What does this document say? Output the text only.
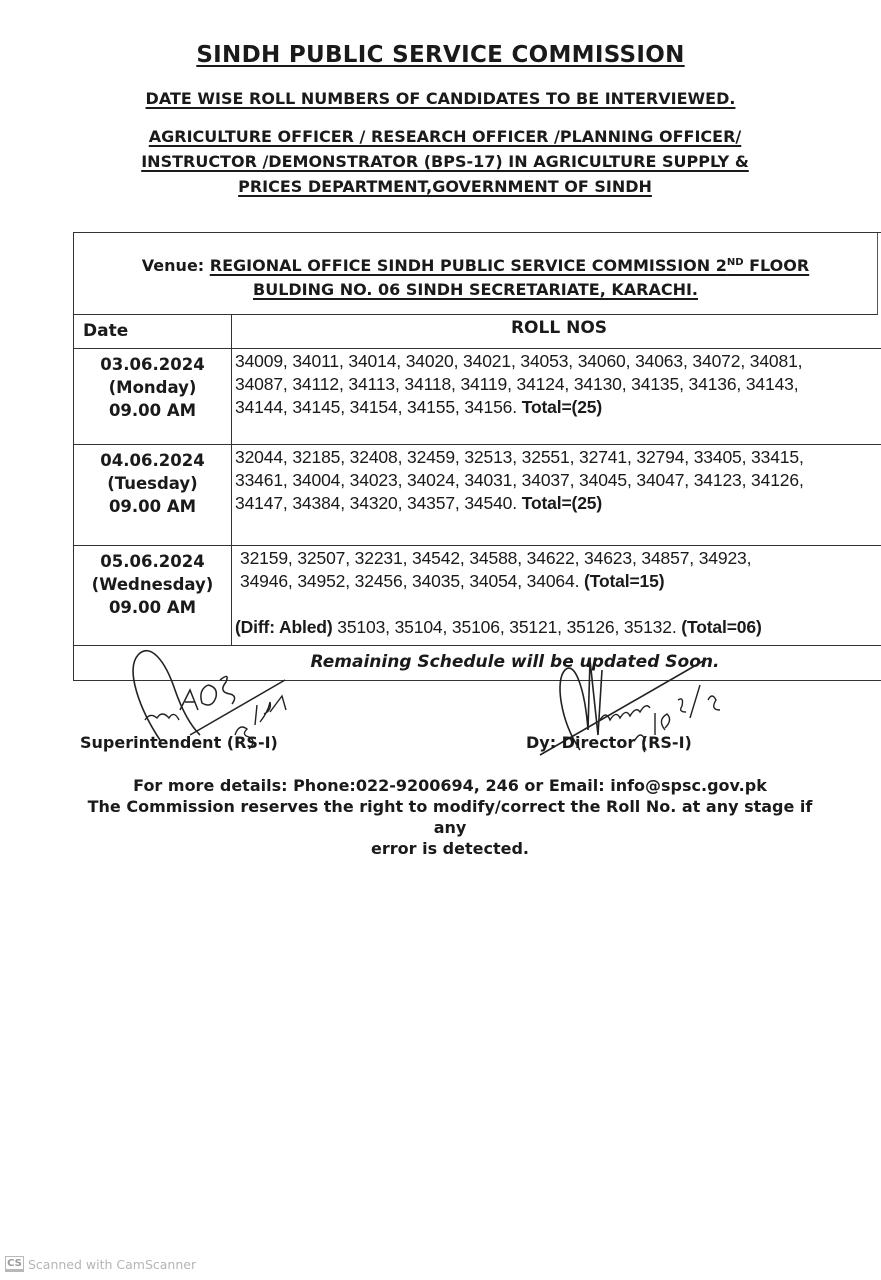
SINDH PUBLIC SERVICE COMMISSION
DATE WISE ROLL NUMBERS OF CANDIDATES TO BE INTERVIEWED.
AGRICULTURE OFFICER / RESEARCH OFFICER /PLANNING OFFICER/
INSTRUCTOR /DEMONSTRATOR (BPS-17) IN AGRICULTURE SUPPLY &
PRICES DEPARTMENT,GOVERNMENT OF SINDH
Venue: REGIONAL OFFICE SINDH PUBLIC SERVICE COMMISSION 2ND FLOOR
BULDING NO. 06 SINDH SECRETARIATE, KARACHI.
Date	ROLL NOS
03.06.2024
(Monday)
09.00 AM
34009, 34011, 34014, 34020, 34021, 34053, 34060, 34063, 34072, 34081,
34087, 34112, 34113, 34118, 34119, 34124, 34130, 34135, 34136, 34143,
34144, 34145, 34154, 34155, 34156. Total=(25)
04.06.2024
(Tuesday)
09.00 AM
32044, 32185, 32408, 32459, 32513, 32551, 32741, 32794, 33405, 33415,
33461, 34004, 34023, 34024, 34031, 34037, 34045, 34047, 34123, 34126,
34147, 34384, 34320, 34357, 34540. Total=(25)
05.06.2024
(Wednesday)
09.00 AM
32159, 32507, 32231, 34542, 34588, 34622, 34623, 34857, 34923,
34946, 34952, 32456, 34035, 34054, 34064. (Total=15)
(Diff: Abled) 35103, 35104, 35106, 35121, 35126, 35132. (Total=06)
Remaining Schedule will be updated Soon.
Superintendent (RS-I)	Dy: Director (RS-I)
For more details: Phone:022-9200694, 246 or Email: info@spsc.gov.pk
The Commission reserves the right to modify/correct the Roll No. at any stage if any
error is detected.
CS Scanned with CamScanner
